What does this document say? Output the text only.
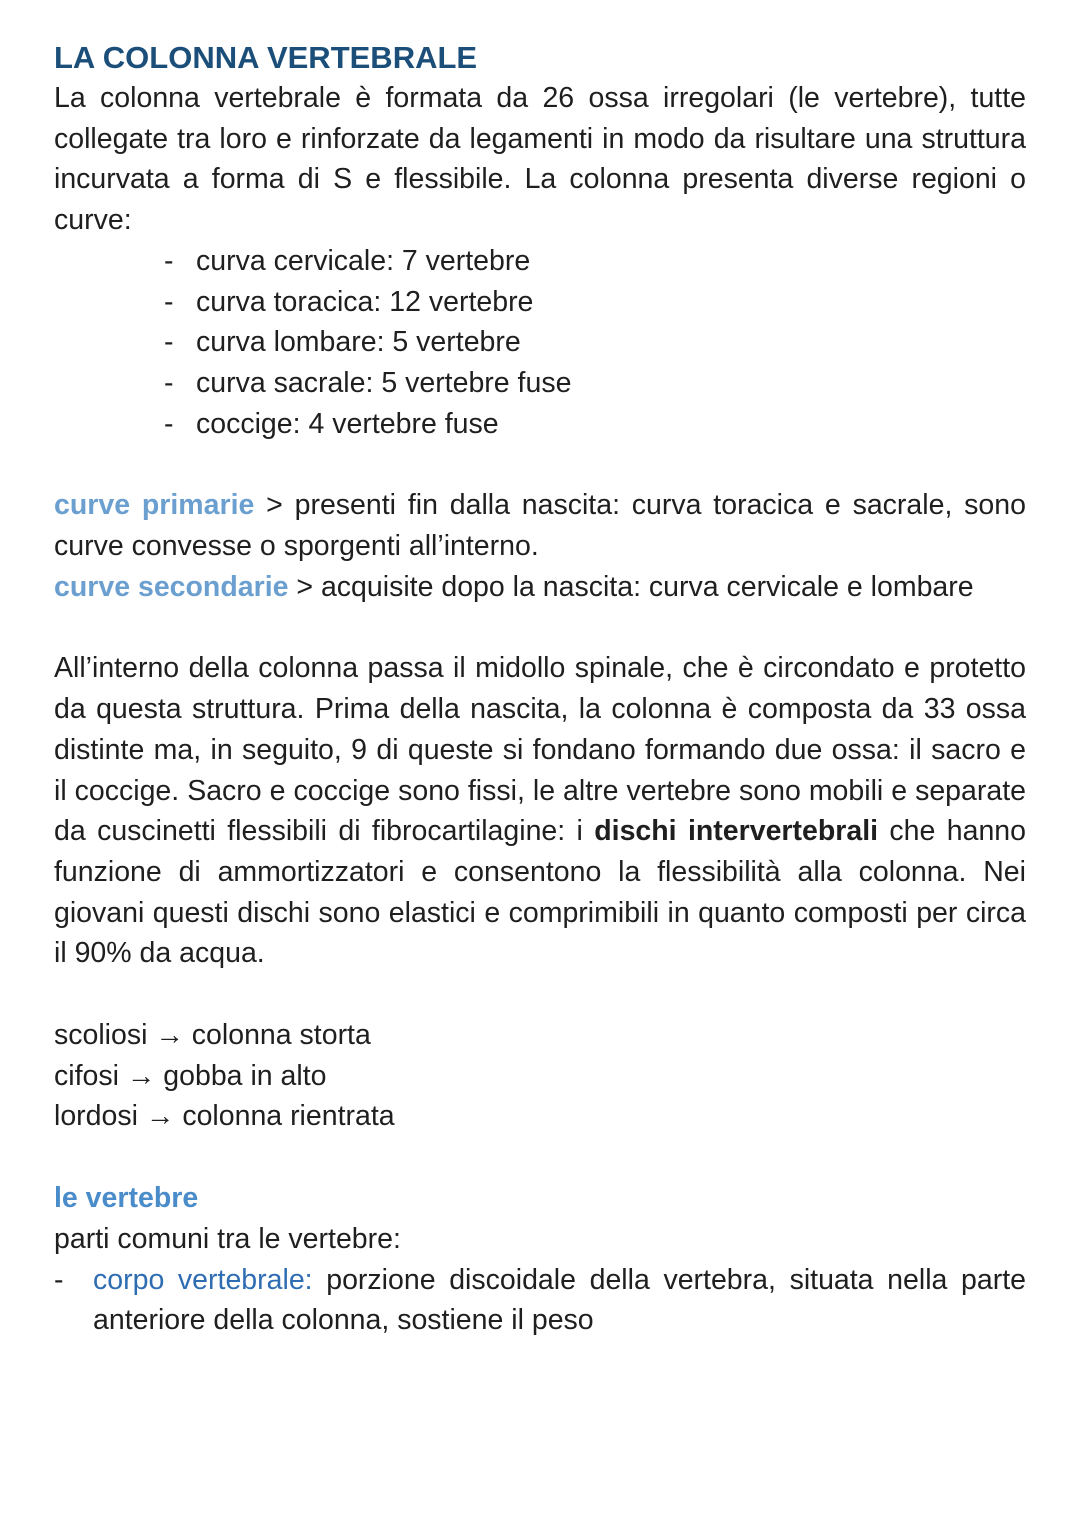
LA COLONNA VERTEBRALE

La colonna vertebrale è formata da 26 ossa irregolari (le vertebre), tutte collegate tra loro e rinforzate da legamenti in modo da risultare una struttura incurvata a forma di S e flessibile. La colonna presenta diverse regioni o curve:

- curva cervicale: 7 vertebre
- curva toracica: 12 vertebre
- curva lombare: 5 vertebre
- curva sacrale: 5 vertebre fuse
- coccige: 4 vertebre fuse

curve primarie > presenti fin dalla nascita: curva toracica e sacrale, sono curve convesse o sporgenti all’interno.

curve secondarie > acquisite dopo la nascita: curva cervicale e lombare

All’interno della colonna passa il midollo spinale, che è circondato e protetto da questa struttura. Prima della nascita, la colonna è composta da 33 ossa distinte ma, in seguito, 9 di queste si fondano formando due ossa: il sacro e il coccige. Sacro e coccige sono fissi, le altre vertebre sono mobili e separate da cuscinetti flessibili di fibrocartilagine: i dischi intervertebrali che hanno funzione di ammortizzatori e consentono la flessibilità alla colonna. Nei giovani questi dischi sono elastici e comprimibili in quanto composti per circa il 90% da acqua.

scoliosi → colonna storta

cifosi → gobba in alto

lordosi → colonna rientrata

le vertebre

parti comuni tra le vertebre:

- corpo vertebrale: porzione discoidale della vertebra, situata nella parte anteriore della colonna, sostiene il peso
